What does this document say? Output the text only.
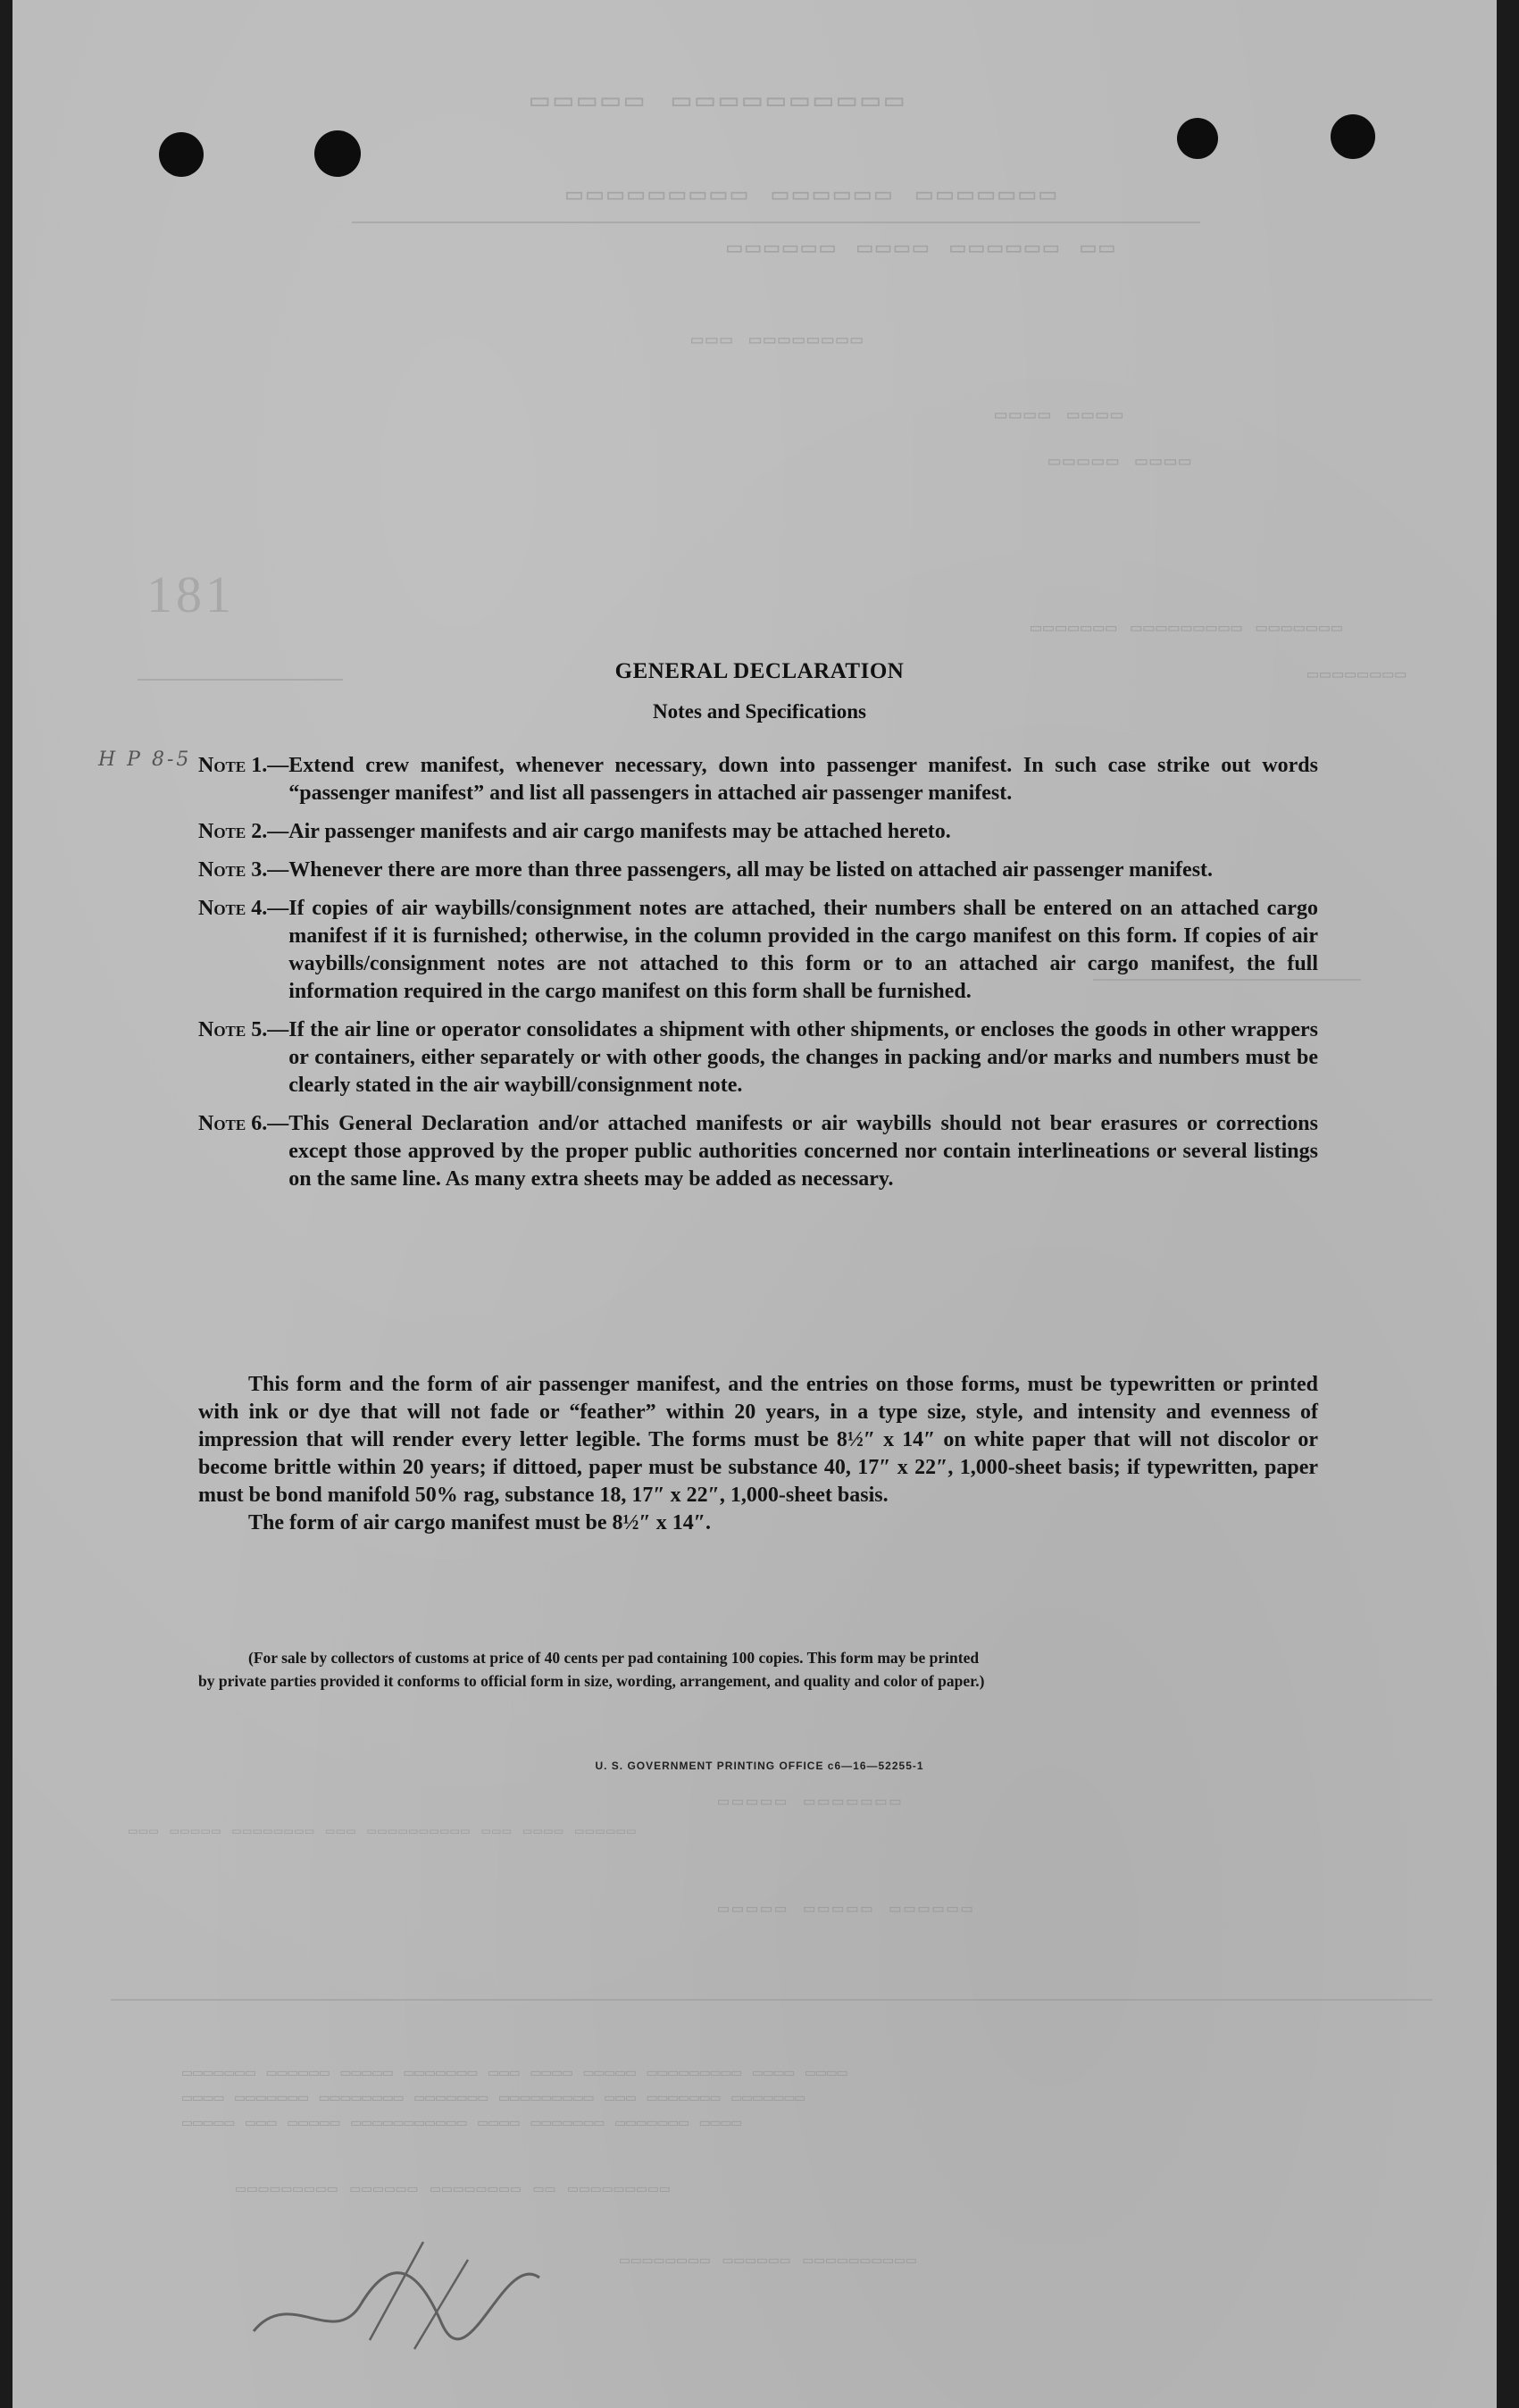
▭▭▭▭▭ ▭▭▭▭▭▭▭▭▭▭
▭▭▭▭▭▭▭▭▭ ▭▭▭▭▭▭ ▭▭▭▭▭▭▭
▭▭▭▭▭▭ ▭▭▭▭ ▭▭▭▭▭▭ ▭▭
▭▭▭ ▭▭▭▭▭▭▭▭
▭▭▭▭ ▭▭▭▭
▭▭▭▭▭ ▭▭▭▭
181
▭▭▭▭▭▭▭ ▭▭▭▭▭▭▭▭▭ ▭▭▭▭▭▭▭
▭▭▭▭▭▭▭▭
▭▭▭▭▭ ▭▭▭▭▭▭▭
▭▭▭ ▭▭▭▭▭ ▭▭▭▭▭▭▭▭ ▭▭▭ ▭▭▭▭▭▭▭▭▭▭ ▭▭▭ ▭▭▭▭ ▭▭▭▭▭▭
▭▭▭▭▭ ▭▭▭▭▭ ▭▭▭▭▭▭
▭▭▭▭▭▭▭ ▭▭▭▭▭▭ ▭▭▭▭▭ ▭▭▭▭▭▭▭ ▭▭▭ ▭▭▭▭ ▭▭▭▭▭ ▭▭▭▭▭▭▭▭▭ ▭▭▭▭ ▭▭▭▭
▭▭▭▭ ▭▭▭▭▭▭▭ ▭▭▭▭▭▭▭▭ ▭▭▭▭▭▭▭ ▭▭▭▭▭▭▭▭▭ ▭▭▭ ▭▭▭▭▭▭▭ ▭▭▭▭▭▭▭
▭▭▭▭▭ ▭▭▭ ▭▭▭▭▭ ▭▭▭▭▭▭▭▭▭▭▭ ▭▭▭▭ ▭▭▭▭▭▭▭ ▭▭▭▭▭▭▭ ▭▭▭▭
▭▭▭▭▭▭▭▭▭ ▭▭▭▭▭▭ ▭▭▭▭▭▭▭▭ ▭▭ ▭▭▭▭▭▭▭▭▭
▭▭▭▭▭▭▭▭ ▭▭▭▭▭▭ ▭▭▭▭▭▭▭▭▭▭
H P 8-5
GENERAL DECLARATION
Notes and Specifications
Note 1.— Extend crew manifest, whenever necessary, down into passenger manifest. In such case strike out words “passenger manifest” and list all passengers in attached air passenger manifest.
Note 2.— Air passenger manifests and air cargo manifests may be attached hereto.
Note 3.— Whenever there are more than three passengers, all may be listed on attached air passenger manifest.
Note 4.— If copies of air waybills/consignment notes are attached, their numbers shall be entered on an attached cargo manifest if it is furnished; otherwise, in the column provided in the cargo manifest on this form. If copies of air waybills/consignment notes are not attached to this form or to an attached air cargo manifest, the full information required in the cargo manifest on this form shall be furnished.
Note 5.— If the air line or operator consolidates a shipment with other shipments, or encloses the goods in other wrappers or containers, either separately or with other goods, the changes in packing and/or marks and numbers must be clearly stated in the air waybill/consignment note.
Note 6.— This General Declaration and/or attached manifests or air waybills should not bear erasures or corrections except those approved by the proper public authorities concerned nor contain interlineations or several listings on the same line. As many extra sheets may be added as necessary.

This form and the form of air passenger manifest, and the entries on those forms, must be typewritten or printed with ink or dye that will not fade or “feather” within 20 years, in a type size, style, and intensity and evenness of impression that will render every letter legible. The forms must be 8½″ x 14″ on white paper that will not discolor or become brittle within 20 years; if dittoed, paper must be substance 40, 17″ x 22″, 1,000-sheet basis; if typewritten, paper must be bond manifold 50% rag, substance 18, 17″ x 22″, 1,000-sheet basis.

The form of air cargo manifest must be 8½″ x 14″.

(For sale by collectors of customs at price of 40 cents per pad containing 100 copies. This form may be printed
by private parties provided it conforms to official form in size, wording, arrangement, and quality and color of paper.)
U. S. GOVERNMENT PRINTING OFFICE c6—16—52255-1
